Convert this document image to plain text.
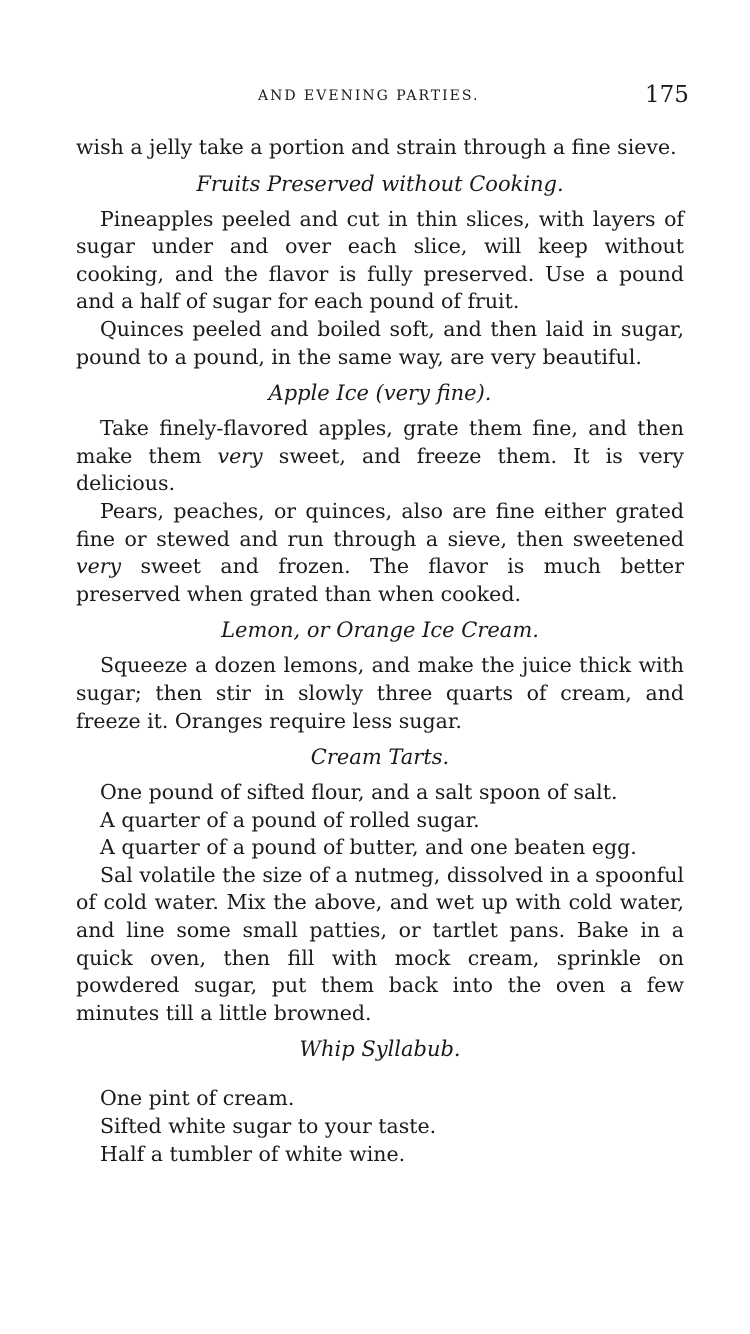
AND EVENING PARTIES.	175

wish a jelly take a portion and strain through a fine sieve.

Fruits Preserved without Cooking.

Pineapples peeled and cut in thin slices, with layers of sugar under and over each slice, will keep without cooking, and the flavor is fully preserved. Use a pound and a half of sugar for each pound of fruit.

Quinces peeled and boiled soft, and then laid in sugar, pound to a pound, in the same way, are very beautiful.

Apple Ice (very fine).

Take finely-flavored apples, grate them fine, and then make them very sweet, and freeze them. It is very delicious.

Pears, peaches, or quinces, also are fine either grated fine or stewed and run through a sieve, then sweetened very sweet and frozen. The flavor is much better preserved when grated than when cooked.

Lemon, or Orange Ice Cream.

Squeeze a dozen lemons, and make the juice thick with sugar; then stir in slowly three quarts of cream, and freeze it. Oranges require less sugar.

Cream Tarts.

One pound of sifted flour, and a salt spoon of salt.

A quarter of a pound of rolled sugar.

A quarter of a pound of butter, and one beaten egg.

Sal volatile the size of a nutmeg, dissolved in a spoonful of cold water. Mix the above, and wet up with cold water, and line some small patties, or tartlet pans. Bake in a quick oven, then fill with mock cream, sprinkle on powdered sugar, put them back into the oven a few minutes till a little browned.

Whip Syllabub.

One pint of cream.

Sifted white sugar to your taste.

Half a tumbler of white wine.
